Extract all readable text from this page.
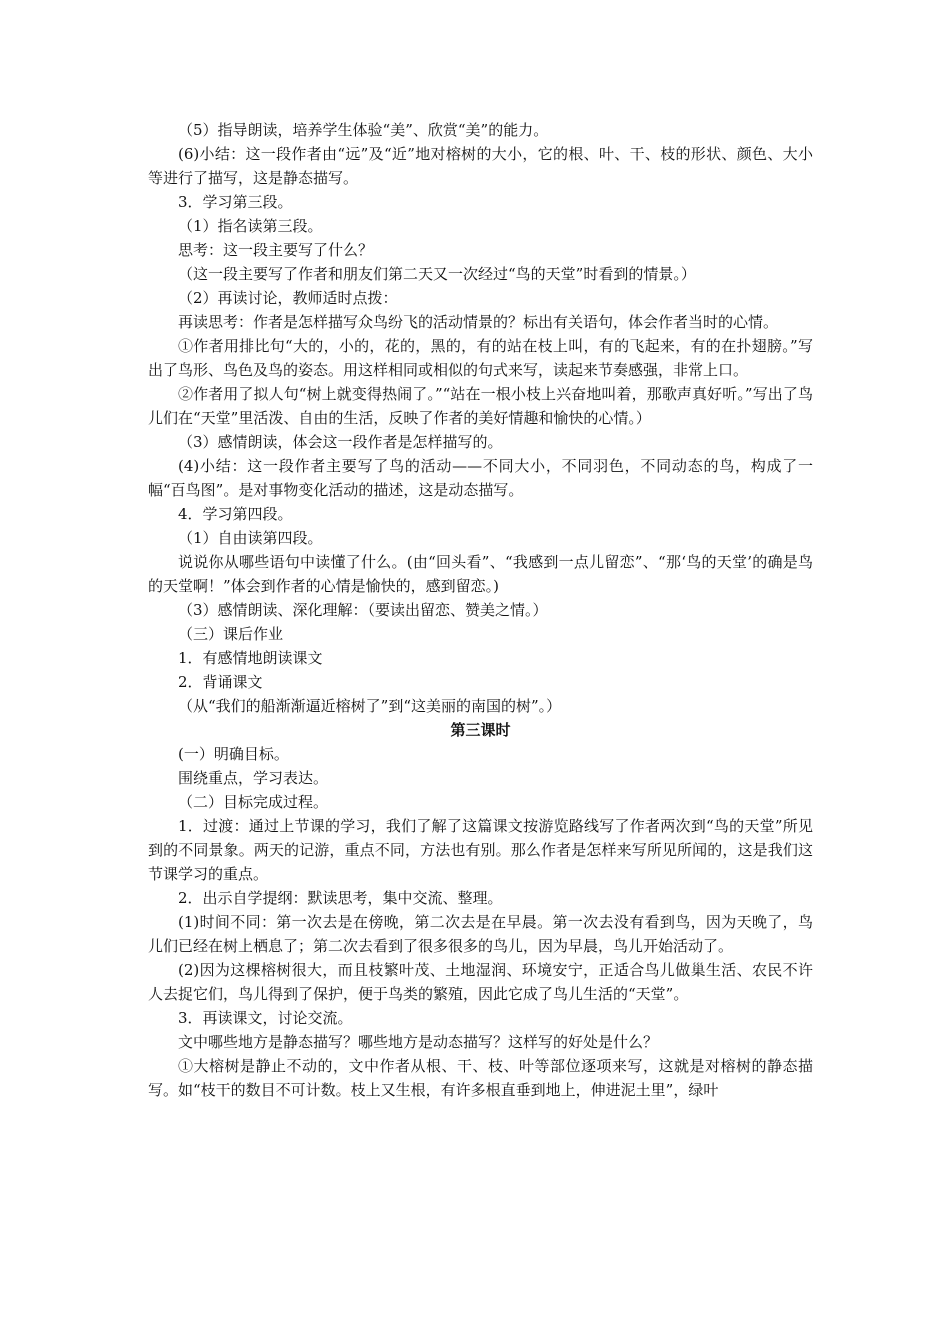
（5）指导朗读，培养学生体验“美”、欣赏“美”的能力。

(6)小结：这一段作者由“远”及“近”地对榕树的大小，它的根、叶、干、枝的形状、颜色、大小等进行了描写，这是静态描写。

3．学习第三段。

（1）指名读第三段。

思考：这一段主要写了什么？

（这一段主要写了作者和朋友们第二天又一次经过“鸟的天堂”时看到的情景。）

（2）再读讨论，教师适时点拨：

再读思考：作者是怎样描写众鸟纷飞的活动情景的？标出有关语句，体会作者当时的心情。

①作者用排比句“大的，小的，花的，黑的，有的站在枝上叫，有的飞起来，有的在扑翅膀。”写出了鸟形、鸟色及鸟的姿态。用这样相同或相似的句式来写，读起来节奏感强，非常上口。

②作者用了拟人句“树上就变得热闹了。”“站在一根小枝上兴奋地叫着，那歌声真好听。”写出了鸟儿们在“天堂”里活泼、自由的生活，反映了作者的美好情趣和愉快的心情。）

（3）感情朗读，体会这一段作者是怎样描写的。

(4)小结：这一段作者主要写了鸟的活动——不同大小，不同羽色，不同动态的鸟，构成了一幅“百鸟图”。是对事物变化活动的描述，这是动态描写。

4．学习第四段。

（1）自由读第四段。

说说你从哪些语句中读懂了什么。(由“回头看”、“我感到一点儿留恋”、“那‘鸟的天堂’的确是鸟的天堂啊！”体会到作者的心情是愉快的，感到留恋。)

（3）感情朗读、深化理解：（要读出留恋、赞美之情。）

（三）课后作业

1．有感情地朗读课文

2．背诵课文

（从“我们的船渐渐逼近榕树了”到“这美丽的南国的树”。）

第三课时

(一）明确目标。

围绕重点，学习表达。

（二）目标完成过程。

1．过渡：通过上节课的学习，我们了解了这篇课文按游览路线写了作者两次到“鸟的天堂”所见到的不同景象。两天的记游，重点不同，方法也有别。那么作者是怎样来写所见所闻的，这是我们这节课学习的重点。

2．出示自学提纲：默读思考，集中交流、整理。

(1)时间不同：第一次去是在傍晚，第二次去是在早晨。第一次去没有看到鸟，因为天晚了，鸟儿们已经在树上栖息了；第二次去看到了很多很多的鸟儿，因为早晨，鸟儿开始活动了。

(2)因为这棵榕树很大，而且枝繁叶茂、土地湿润、环境安宁，正适合鸟儿做巢生活、农民不许人去捉它们，鸟儿得到了保护，便于鸟类的繁殖，因此它成了鸟儿生活的“天堂”。

3．再读课文，讨论交流。

文中哪些地方是静态描写？哪些地方是动态描写？这样写的好处是什么？

①大榕树是静止不动的，文中作者从根、干、枝、叶等部位逐项来写，这就是对榕树的静态描写。如“枝干的数目不可计数。枝上又生根，有许多根直垂到地上，伸进泥土里”，绿叶
